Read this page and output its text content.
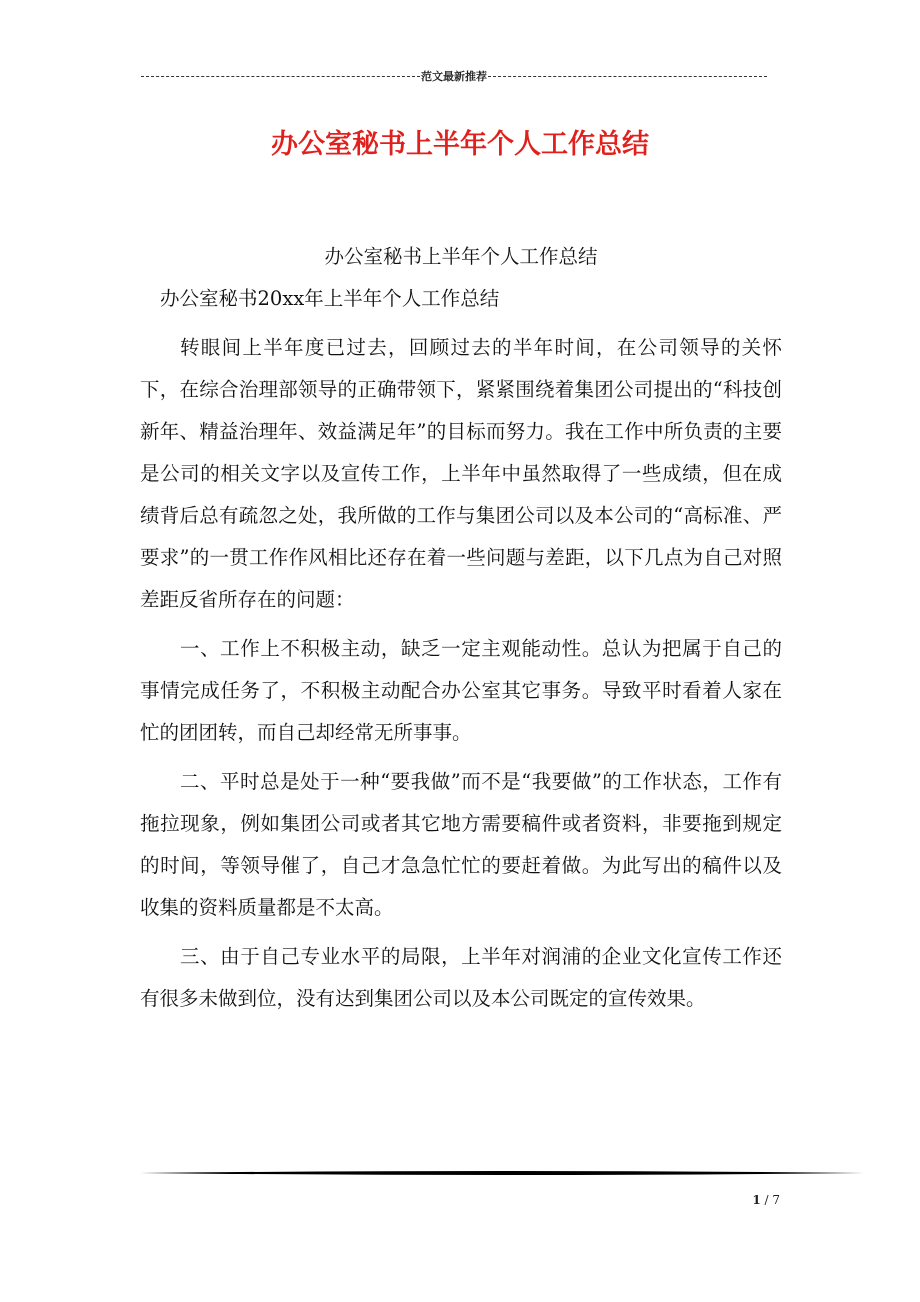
范文最新推荐
办公室秘书上半年个人工作总结

办公室秘书上半年个人工作总结

办公室秘书20xx年上半年个人工作总结

转眼间上半年度已过去，回顾过去的半年时间，在公司领导的关怀下，在综合治理部领导的正确带领下，紧紧围绕着集团公司提出的“科技创新年、精益治理年、效益满足年”的目标而努力。我在工作中所负责的主要是公司的相关文字以及宣传工作，上半年中虽然取得了一些成绩，但在成绩背后总有疏忽之处，我所做的工作与集团公司以及本公司的“高标准、严要求”的一贯工作作风相比还存在着一些问题与差距，以下几点为自己对照差距反省所存在的问题：

一、工作上不积极主动，缺乏一定主观能动性。总认为把属于自己的事情完成任务了，不积极主动配合办公室其它事务。导致平时看着人家在忙的团团转，而自己却经常无所事事。

二、平时总是处于一种“要我做”而不是“我要做”的工作状态，工作有拖拉现象，例如集团公司或者其它地方需要稿件或者资料，非要拖到规定的时间，等领导催了，自己才急急忙忙的要赶着做。为此写出的稿件以及收集的资料质量都是不太高。

三、由于自己专业水平的局限，上半年对润浦的企业文化宣传工作还有很多未做到位，没有达到集团公司以及本公司既定的宣传效果。

1 / 7
